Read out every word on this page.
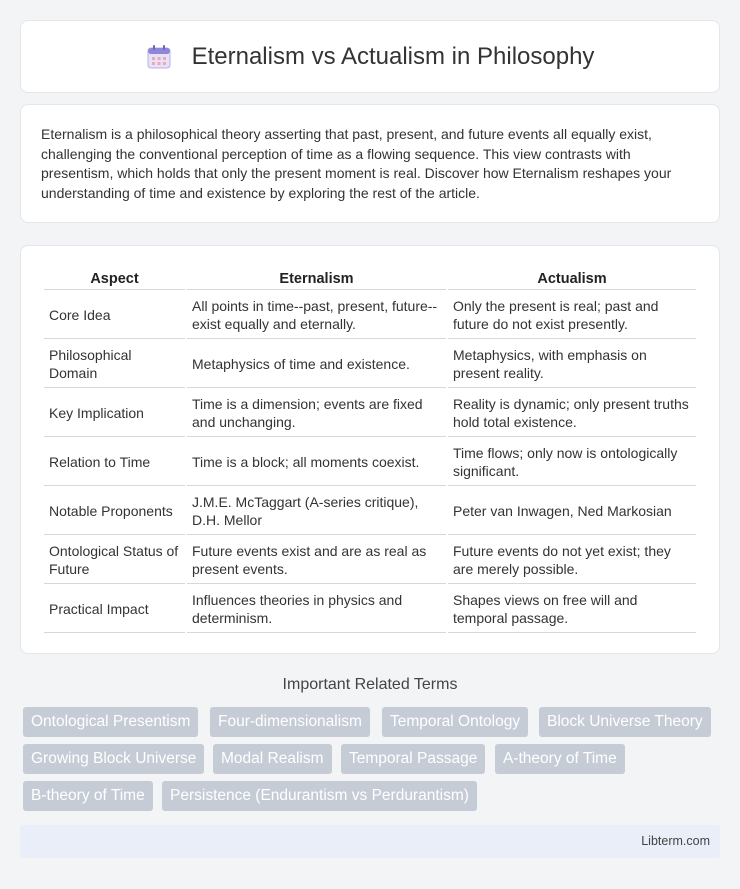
Eternalism vs Actualism in Philosophy

Eternalism is a philosophical theory asserting that past, present, and future events all equally exist, challenging the conventional perception of time as a flowing sequence. This view contrasts with presentism, which holds that only the present moment is real. Discover how Eternalism reshapes your understanding of time and existence by exploring the rest of the article.

Aspect	Eternalism	Actualism
Core Idea	All points in time--past, present, future--exist equally and eternally.	Only the present is real; past and future do not exist presently.
Philosophical Domain	Metaphysics of time and existence.	Metaphysics, with emphasis on present reality.
Key Implication	Time is a dimension; events are fixed and unchanging.	Reality is dynamic; only present truths hold total existence.
Relation to Time	Time is a block; all moments coexist.	Time flows; only now is ontologically significant.
Notable Proponents	J.M.E. McTaggart (A-series critique), D.H. Mellor	Peter van Inwagen, Ned Markosian
Ontological Status of Future	Future events exist and are as real as present events.	Future events do not yet exist; they are merely possible.
Practical Impact	Influences theories in physics and determinism.	Shapes views on free will and temporal passage.
Important Related Terms
Ontological Presentism	Four-dimensionalism	Temporal Ontology	Block Universe Theory
Growing Block Universe	Modal Realism	Temporal Passage	A-theory of Time
B-theory of Time	Persistence (Endurantism vs Perdurantism)
Libterm.com
